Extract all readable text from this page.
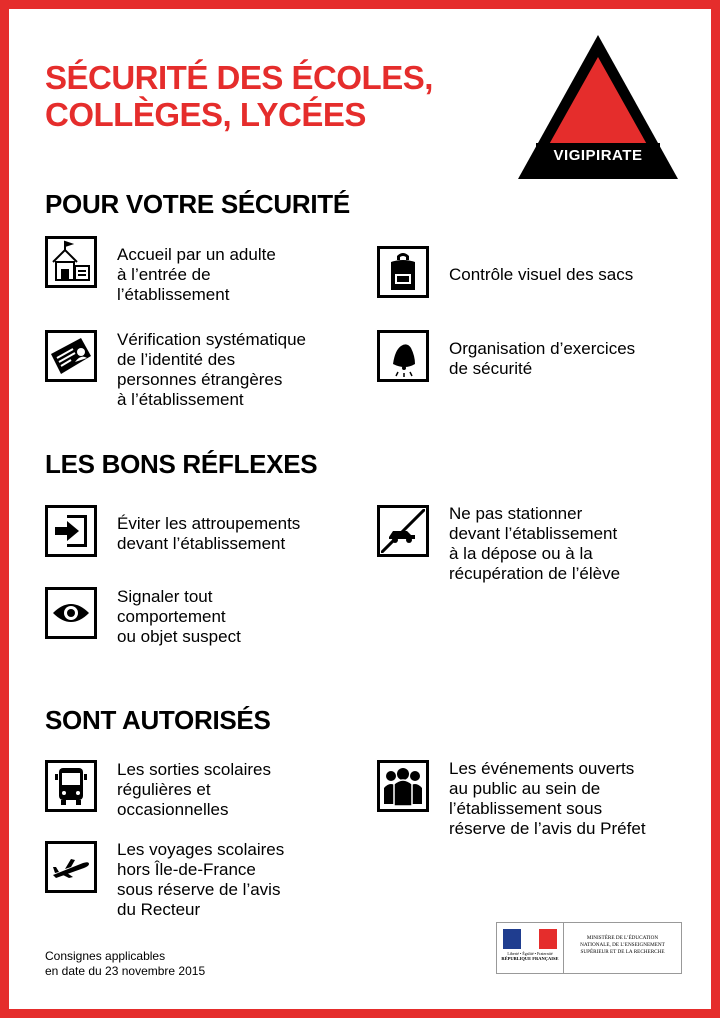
SÉCURITÉ DES ÉCOLES,
COLLÈGES, LYCÉES
VIGIPIRATE
POUR VOTRE SÉCURITÉ
Accueil par un adulte
à l’entrée de
l’établissement
Contrôle visuel des sacs
Vérification systématique
de l’identité des
personnes étrangères
à l’établissement
Organisation d’exercices
de sécurité
LES BONS RÉFLEXES
Éviter les attroupements
devant l’établissement
Ne pas stationner
devant l’établissement
à la dépose ou à la
récupération de l’élève
Signaler tout
comportement
ou objet suspect
SONT AUTORISÉS
Les sorties scolaires
régulières et
occasionnelles
Les événements ouverts
au public au sein de
l’établissement sous
réserve de l’avis du Préfet
Les voyages scolaires
hors Île-de-France
sous réserve de l’avis
du Recteur
Consignes applicables
en date du 23 novembre 2015
Liberté • Égalité • Fraternité
RÉPUBLIQUE FRANÇAISE
MINISTÈRE DE L’ÉDUCATION
NATIONALE, DE L’ENSEIGNEMENT
SUPÉRIEUR ET DE LA RECHERCHE
